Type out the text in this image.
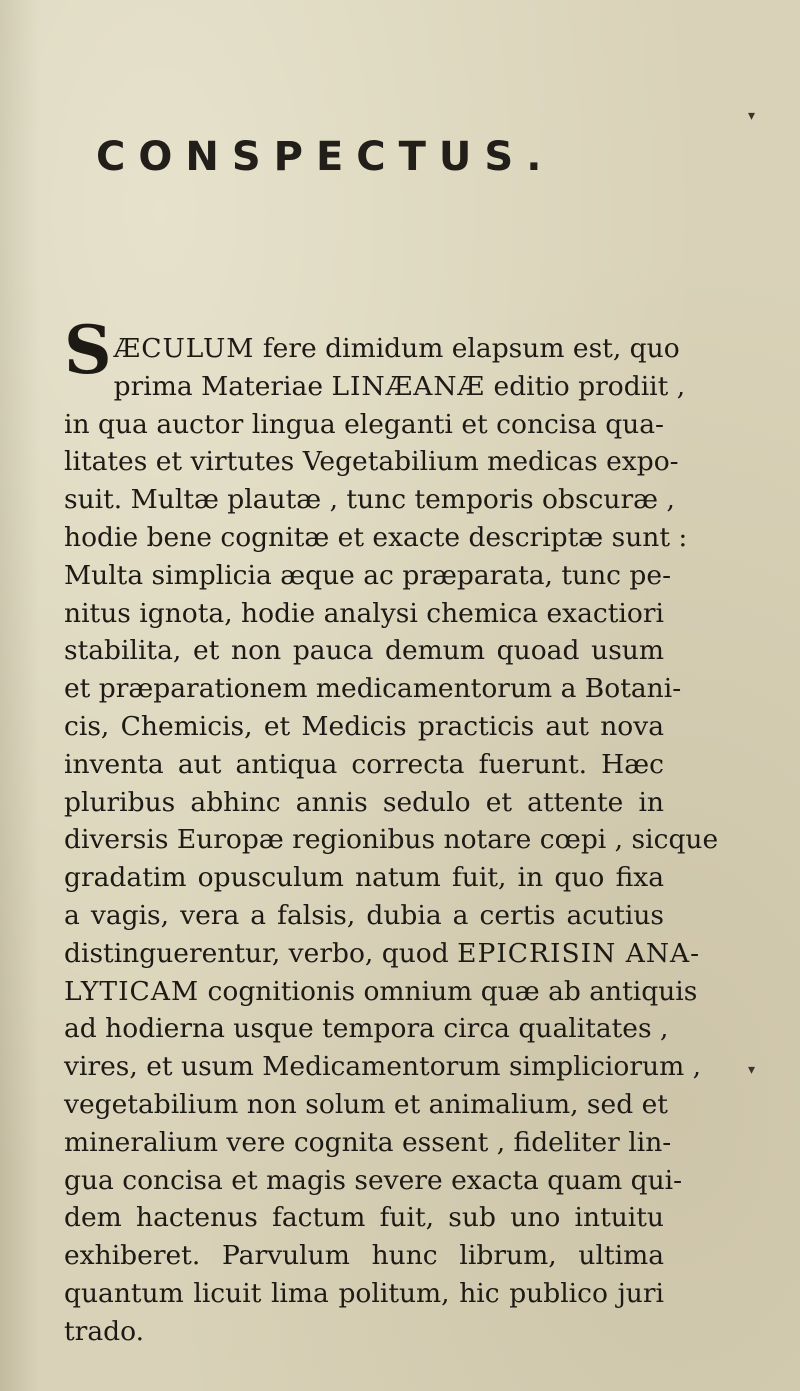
CONSPECTUS.
▾
▾
SÆCULUM fere dimidum elapsum est, quo
prima Materiae LINÆANÆ editio prodiit ,
in qua auctor lingua eleganti et concisa qua-
litates et virtutes Vegetabilium medicas expo-
suit. Multæ plautæ , tunc temporis obscuræ ,
hodie bene cognitæ et exacte descriptæ sunt :
Multa simplicia æque ac præparata, tunc pe-
nitus ignota, hodie analysi chemica exactiori
stabilita, et non pauca demum quoad usum
et præparationem medicamentorum a Botani-
cis, Chemicis, et Medicis practicis aut nova
inventa aut antiqua correcta fuerunt. Hæc
pluribus abhinc annis sedulo et attente in
diversis Europæ regionibus notare cœpi , sicque
gradatim opusculum natum fuit, in quo fixa
a vagis, vera a falsis, dubia a certis acutius
distinguerentur, verbo, quod EPICRISIN ANA-
LYTICAM cognitionis omnium quæ ab antiquis
ad hodierna usque tempora circa qualitates ,
vires, et usum Medicamentorum simpliciorum ,
vegetabilium non solum et animalium, sed et
mineralium vere cognita essent , fideliter lin-
gua concisa et magis severe exacta quam qui-
dem hactenus factum fuit, sub uno intuitu
exhiberet. Parvulum hunc librum, ultima
quantum licuit lima politum, hic publico juri
trado.
